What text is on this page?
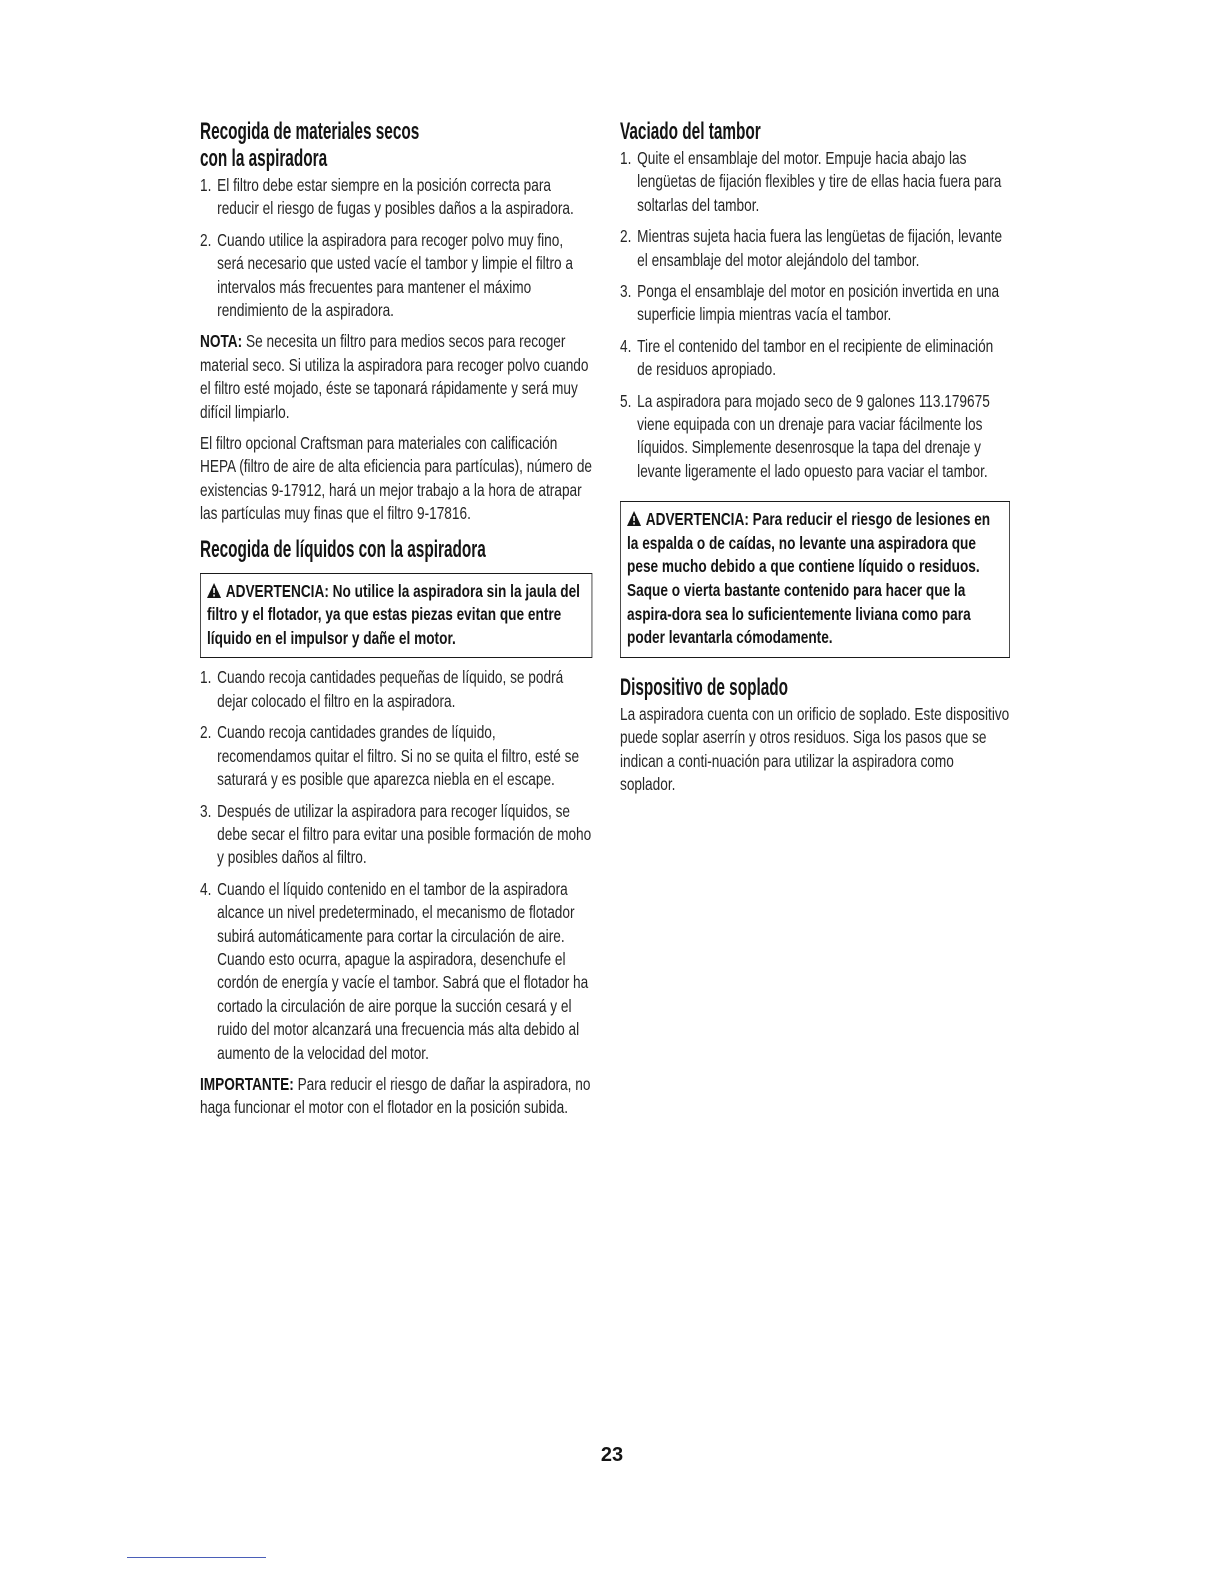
Recogida de materiales secos
con la aspiradora
1. El filtro debe estar siempre en la posición correcta para reducir el riesgo de fugas y posibles daños a la aspiradora.
2. Cuando utilice la aspiradora para recoger polvo muy fino, será necesario que usted vacíe el tambor y limpie el filtro a intervalos más frecuentes para mantener el máximo rendimiento de la aspiradora.

NOTA: Se necesita un filtro para medios secos para recoger material seco. Si utiliza la aspiradora para recoger polvo cuando el filtro esté mojado, éste se taponará rápidamente y será muy difícil limpiarlo.

El filtro opcional Craftsman para materiales con calificación HEPA (filtro de aire de alta eficiencia para partículas), número de existencias 9-17912, hará un mejor trabajo a la hora de atrapar las partículas muy finas que el filtro 9-17816.

Recogida de líquidos con la aspiradora
ADVERTENCIA: No utilice la aspiradora sin la jaula del filtro y el flotador, ya que estas piezas evitan que entre líquido en el impulsor y dañe el motor.
1. Cuando recoja cantidades pequeñas de líquido, se podrá dejar colocado el filtro en la aspiradora.
2. Cuando recoja cantidades grandes de líquido, recomendamos quitar el filtro. Si no se quita el filtro, esté se saturará y es posible que aparezca niebla en el escape.
3. Después de utilizar la aspiradora para recoger líquidos, se debe secar el filtro para evitar una posible formación de moho y posibles daños al filtro.
4. Cuando el líquido contenido en el tambor de la aspiradora alcance un nivel predeterminado, el mecanismo de flotador subirá automáticamente para cortar la circulación de aire. Cuando esto ocurra, apague la aspiradora, desenchufe el cordón de energía y vacíe el tambor. Sabrá que el flotador ha cortado la circulación de aire porque la succión cesará y el ruido del motor alcanzará una frecuencia más alta debido al aumento de la velocidad del motor.

IMPORTANTE: Para reducir el riesgo de dañar la aspiradora, no haga funcionar el motor con el flotador en la posición subida.

Vaciado del tambor
1. Quite el ensamblaje del motor. Empuje hacia abajo las lengüetas de fijación flexibles y tire de ellas hacia fuera para soltarlas del tambor.
2. Mientras sujeta hacia fuera las lengüetas de fijación, levante el ensamblaje del motor alejándolo del tambor.
3. Ponga el ensamblaje del motor en posición invertida en una superficie limpia mientras vacía el tambor.
4. Tire el contenido del tambor en el recipiente de eliminación de residuos apropiado.
5. La aspiradora para mojado seco de 9 galones 113.179675 viene equipada con un drenaje para vaciar fácilmente los líquidos. Simplemente desenrosque la tapa del drenaje y levante ligeramente el lado opuesto para vaciar el tambor.
ADVERTENCIA: Para reducir el riesgo de lesiones en la espalda o de caídas, no levante una aspiradora que pese mucho debido a que contiene líquido o residuos. Saque o vierta bastante contenido para hacer que la aspira-dora sea lo suficientemente liviana como para poder levantarla cómodamente.
Dispositivo de soplado

La aspiradora cuenta con un orificio de soplado. Este dispositivo puede soplar aserrín y otros residuos. Siga los pasos que se indican a conti-nuación para utilizar la aspiradora como soplador.

23
